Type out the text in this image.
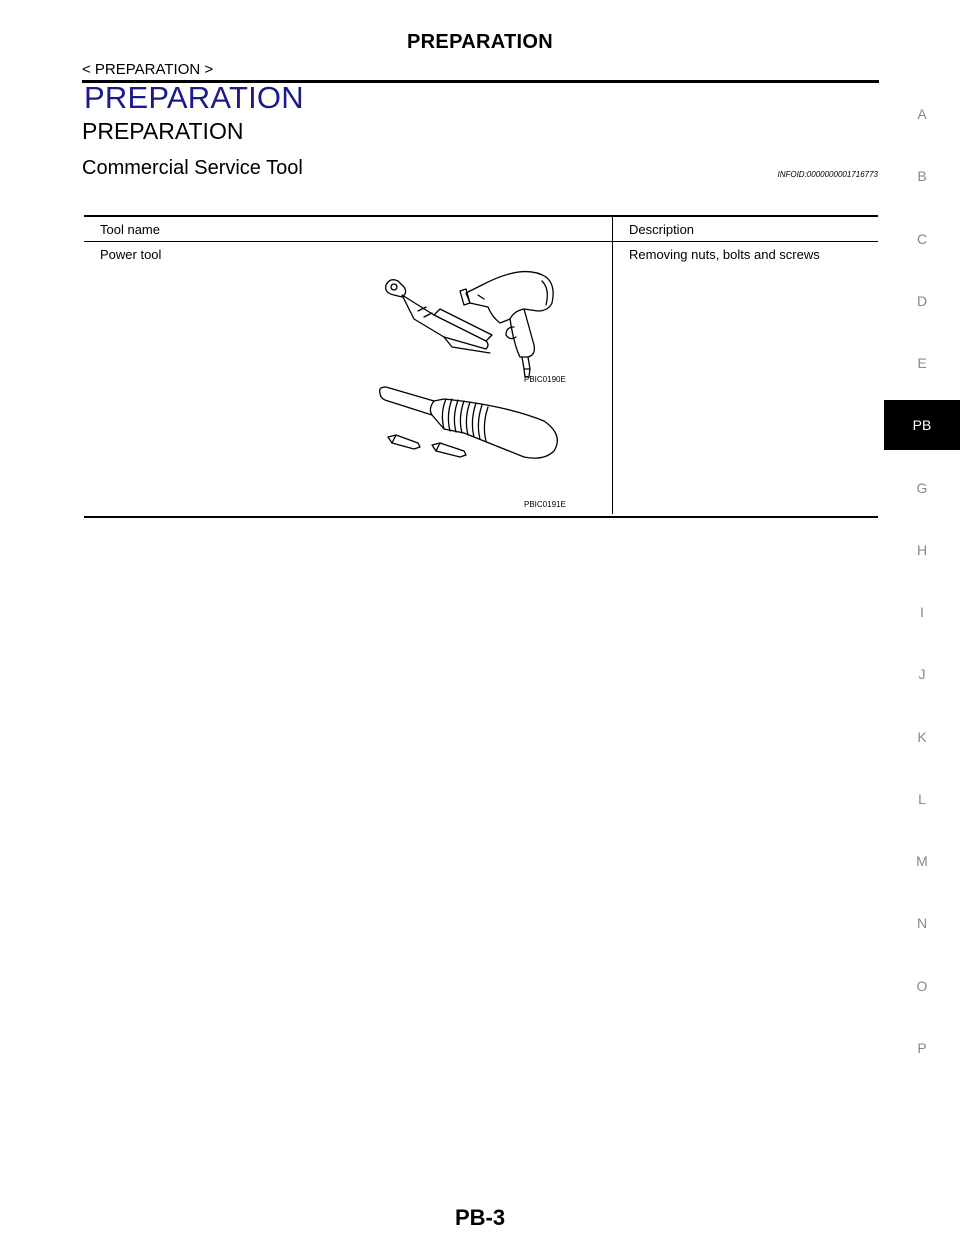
PREPARATION
< PREPARATION >
PREPARATION
PREPARATION
Commercial Service Tool	INFOID:0000000001716773
Tool name	Description
Power tool	Removing nuts, bolts and screws
PBIC0190E
PBIC0191E
A
B
C
D
E
PB
G
H
I
J
K
L
M
N
O
P
PB-3
